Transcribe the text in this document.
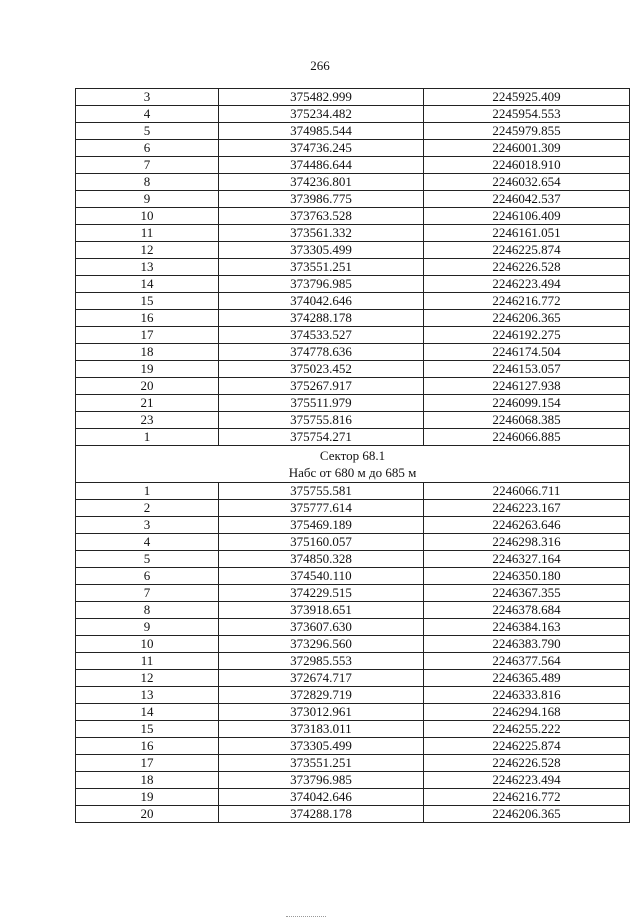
266
3	375482.999	2245925.409
4	375234.482	2245954.553
5	374985.544	2245979.855
6	374736.245	2246001.309
7	374486.644	2246018.910
8	374236.801	2246032.654
9	373986.775	2246042.537
10	373763.528	2246106.409
11	373561.332	2246161.051
12	373305.499	2246225.874
13	373551.251	2246226.528
14	373796.985	2246223.494
15	374042.646	2246216.772
16	374288.178	2246206.365
17	374533.527	2246192.275
18	374778.636	2246174.504
19	375023.452	2246153.057
20	375267.917	2246127.938
21	375511.979	2246099.154
23	375755.816	2246068.385
1	375754.271	2246066.885

Сектор 68.1
Набс от 680 м до 685 м		

1	375755.581	2246066.711
2	375777.614	2246223.167
3	375469.189	2246263.646
4	375160.057	2246298.316
5	374850.328	2246327.164
6	374540.110	2246350.180
7	374229.515	2246367.355
8	373918.651	2246378.684
9	373607.630	2246384.163
10	373296.560	2246383.790
11	372985.553	2246377.564
12	372674.717	2246365.489
13	372829.719	2246333.816
14	373012.961	2246294.168
15	373183.011	2246255.222
16	373305.499	2246225.874
17	373551.251	2246226.528
18	373796.985	2246223.494
19	374042.646	2246216.772
20	374288.178	2246206.365
